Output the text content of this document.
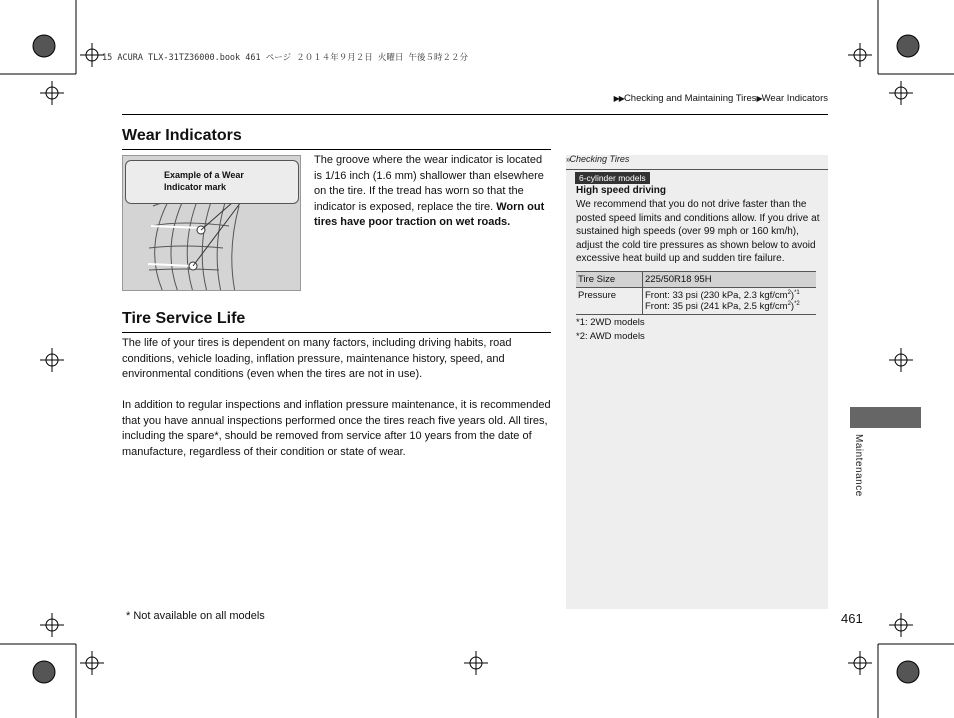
15 ACURA TLX-31TZ36000.book 461 ページ ２０１４年９月２日 火曜日 午後５時２２分
▶▶Checking and Maintaining Tires▶Wear Indicators
Wear Indicators
Example of a Wear Indicator mark
The groove where the wear indicator is located is 1/16 inch (1.6 mm) shallower than elsewhere on the tire. If the tread has worn so that the indicator is exposed, replace the tire. Worn out tires have poor traction on wet roads.
Tire Service Life
The life of your tires is dependent on many factors, including driving habits, road conditions, vehicle loading, inflation pressure, maintenance history, speed, and environmental conditions (even when the tires are not in use).
In addition to regular inspections and inflation pressure maintenance, it is recommended that you have annual inspections performed once the tires reach five years old. All tires, including the spare*, should be removed from service after 10 years from the date of manufacture, regardless of their condition or state of wear.
»Checking Tires
6-cylinder models
High speed driving
We recommend that you do not drive faster than the posted speed limits and conditions allow. If you drive at sustained high speeds (over 99 mph or 160 km/h), adjust the cold tire pressures as shown below to avoid excessive heat build up and sudden tire failure.
Tire Size	225/50R18 95H
Pressure	Front: 33 psi (230 kPa, 2.3 kgf/$cm^2)^{*1}$
Front: 35 psi (241 kPa, 2.5 kgf/$cm^2)^{*2}$
*1: 2WD models
*2: AWD models
Maintenance
* Not available on all models	461
